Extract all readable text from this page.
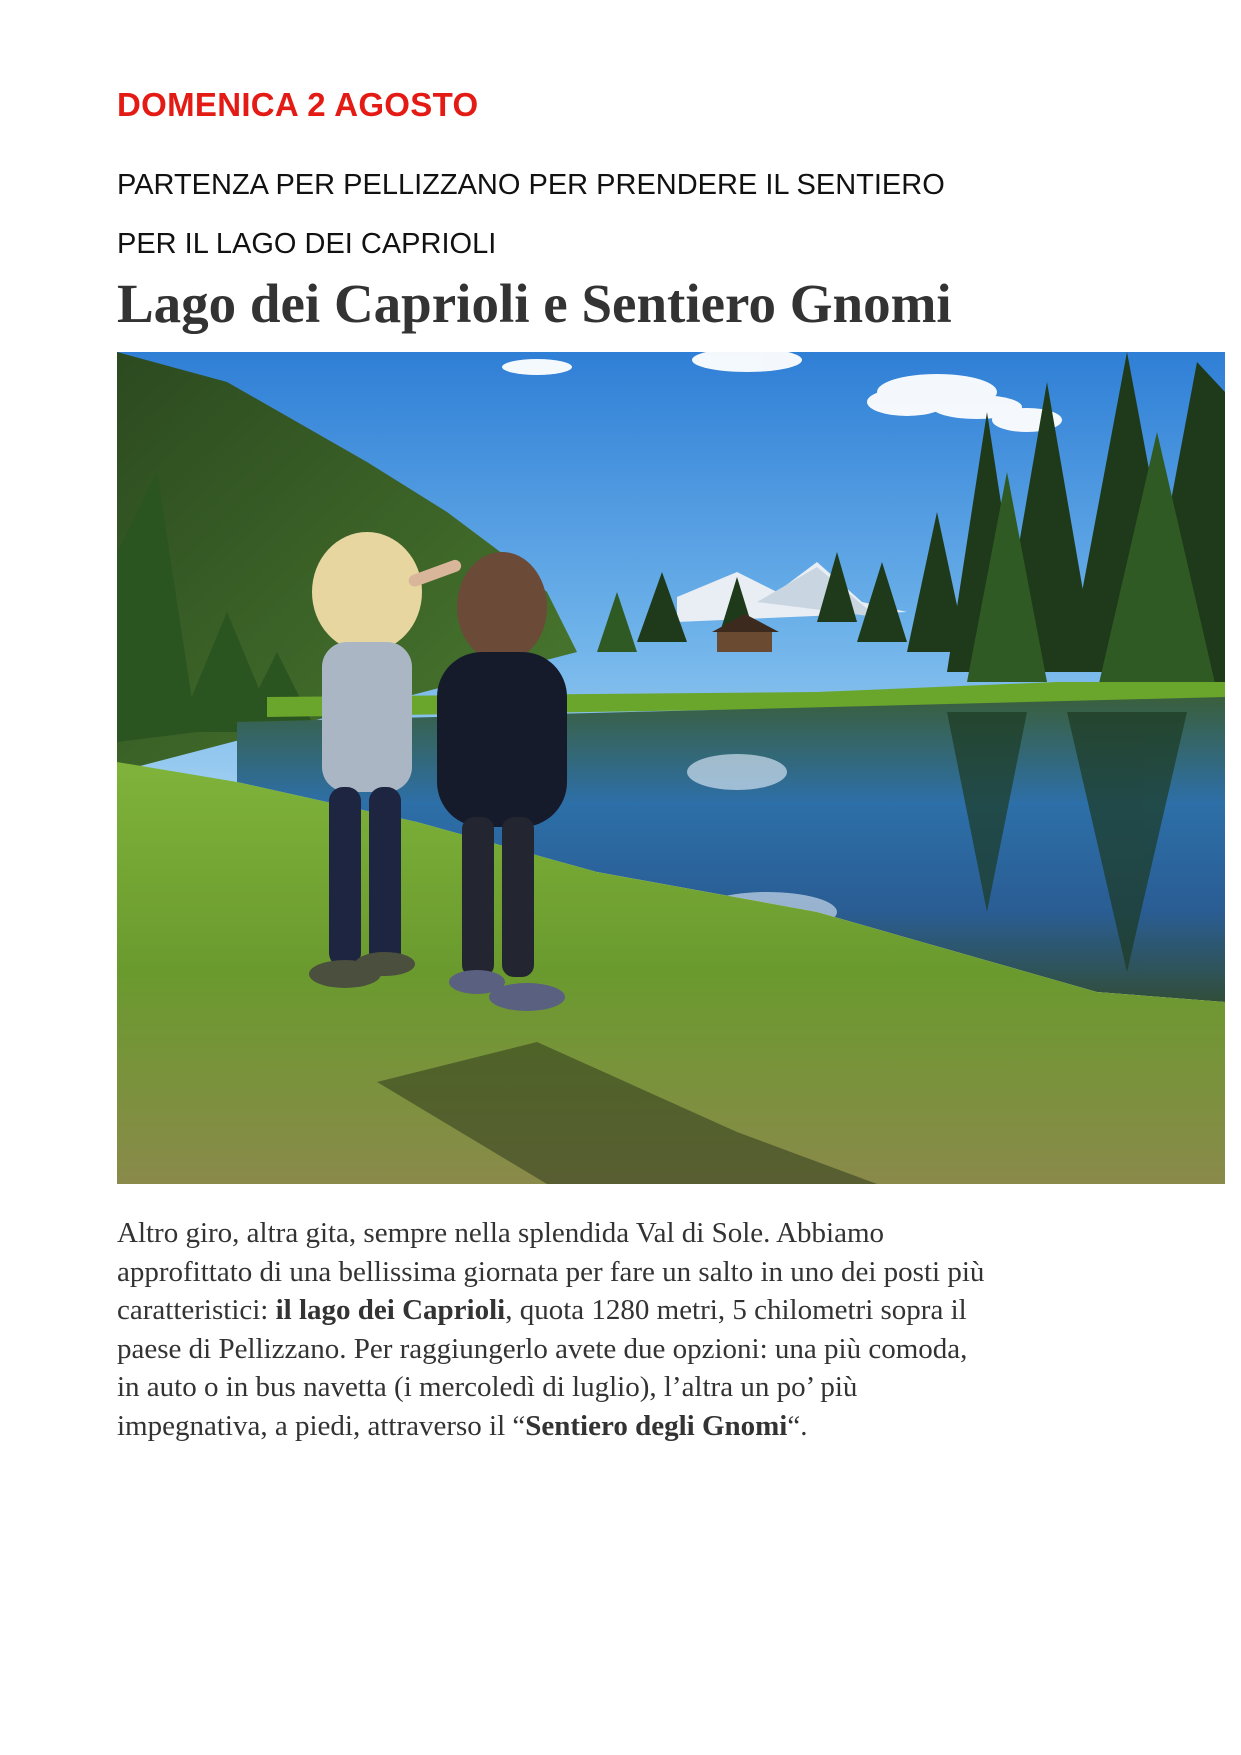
DOMENICA 2 AGOSTO

PARTENZA PER PELLIZZANO PER PRENDERE IL SENTIERO
PER IL LAGO DEI CAPRIOLI

Lago dei Caprioli e Sentiero Gnomi

Altro giro, altra gita, sempre nella splendida Val di Sole. Abbiamo
approfittato di una bellissima giornata per fare un salto in uno dei posti più
caratteristici: il lago dei Caprioli, quota 1280 metri, 5 chilometri sopra il
paese di Pellizzano. Per raggiungerlo avete due opzioni: una più comoda,
in auto o in bus navetta (i mercoledì di luglio), l’altra un po’ più
impegnativa, a piedi, attraverso il “Sentiero degli Gnomi“.
